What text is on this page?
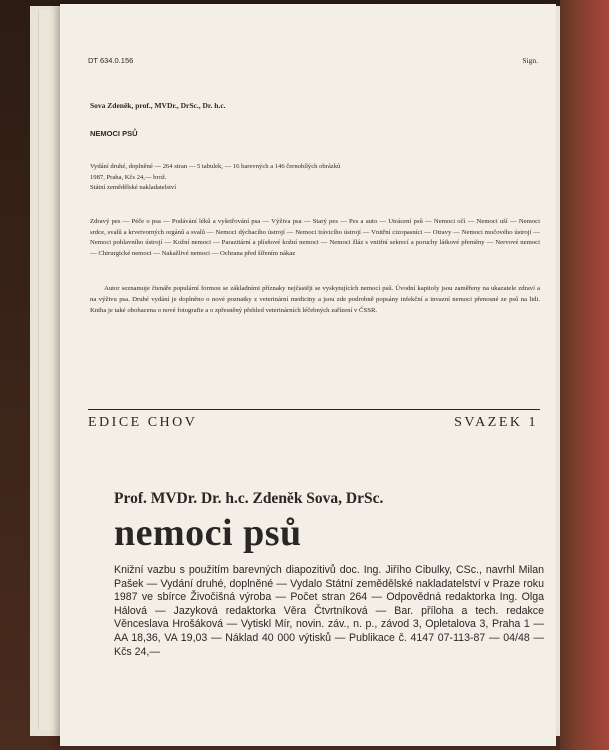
DT 634.0.156	Sign.
Sova Zdeněk, prof., MVDr., DrSc., Dr. h.c.
NEMOCI PSŮ
Vydání druhé, doplněné — 264 stran — 5 tabulek, — 16 barevných a 146 černobílých obrázků
1987, Praha, Kčs 24,— brož.
Státní zemědělské nakladatelství
Zdravý pes — Péče o psa — Podávání léků a vyšetřování psa — Výživa psa — Starý pes — Pes a auto — Utrácení psů — Nemoci očí — Nemoci uší — Nemoci srdce, svalů a krvetvorných orgánů a svalů — Nemoci dýchacího ústrojí — Nemoci trávicího ústrojí — Vnitřní cizopasníci — Otravy — Nemoci močového ústrojí — Nemoci pohlavního ústrojí — Kožní nemoci — Parazitární a plísňové kožní nemoci — Nemoci žláz s vnitřní sekrecí a poruchy látkové přeměny — Nervové nemoci — Chirurgické nemoci — Nakažlivé nemoci — Ochrana před šířením nákaz
Autor seznamuje čtenáře populární formou se základními příznaky nejčastěji se vyskytujících nemocí psů. Úvodní kapitoly jsou zaměřeny na ukazatele zdraví a na výživu psa. Druhé vydání je doplněno o nové poznatky z veterinární mediciny a jsou zde podrobně popsány infekční a invazní nemoci přenosné ze psů na lidi. Kniha je také obohacena o nové fotografie a o zpřesněný přehled veterinárních léčebných zařízení v ČSSR.
EDICE CHOV	SVAZEK 1
Prof. MVDr. Dr. h.c. Zdeněk Sova, DrSc.
nemoci psů
Knižní vazbu s použitím barevných diapozitivů doc. Ing. Jiřího Cibulky, CSc., navrhl Milan Pašek — Vydání druhé, doplněné — Vydalo Státní zemědělské nakladatelství v Praze roku 1987 ve sbírce Živočišná výroba — Počet stran 264 — Odpovědná redaktorka Ing. Olga Hálová — Jazyková redaktorka Věra Čtvrtníková — Bar. příloha a tech. redakce Věnceslava Hrošáková — Vytiskl Mír, novin. záv., n. p., závod 3, Opletalova 3, Praha 1 — AA 18,36, VA 19,03 — Náklad 40 000 výtisků — Publikace č. 4147 07-113-87 — 04/48 — Kčs 24,—
